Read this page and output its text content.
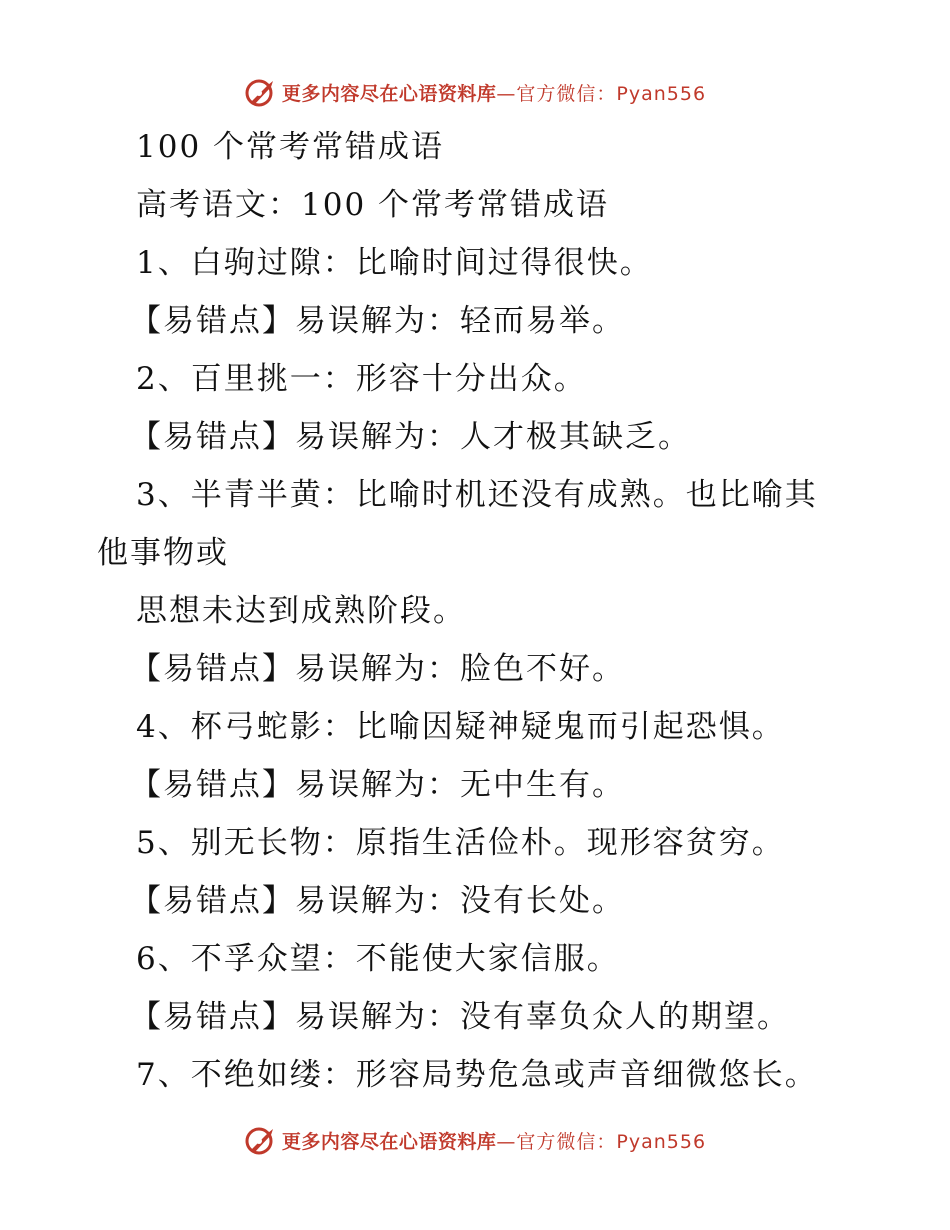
更多内容尽在心语资料库 —官方微信：Pyan556
100 个常考常错成语
高考语文：100 个常考常错成语
1、白驹过隙：比喻时间过得很快。
【易错点】易误解为：轻而易举。
2、百里挑一：形容十分出众。
【易错点】易误解为：人才极其缺乏。
3、半青半黄：比喻时机还没有成熟。也比喻其
他事物或
思想未达到成熟阶段。
【易错点】易误解为：脸色不好。
4、杯弓蛇影：比喻因疑神疑鬼而引起恐惧。
【易错点】易误解为：无中生有。
5、别无长物：原指生活俭朴。现形容贫穷。
【易错点】易误解为：没有长处。
6、不孚众望：不能使大家信服。
【易错点】易误解为：没有辜负众人的期望。
7、不绝如缕：形容局势危急或声音细微悠长。
更多内容尽在心语资料库 —官方微信：Pyan556
